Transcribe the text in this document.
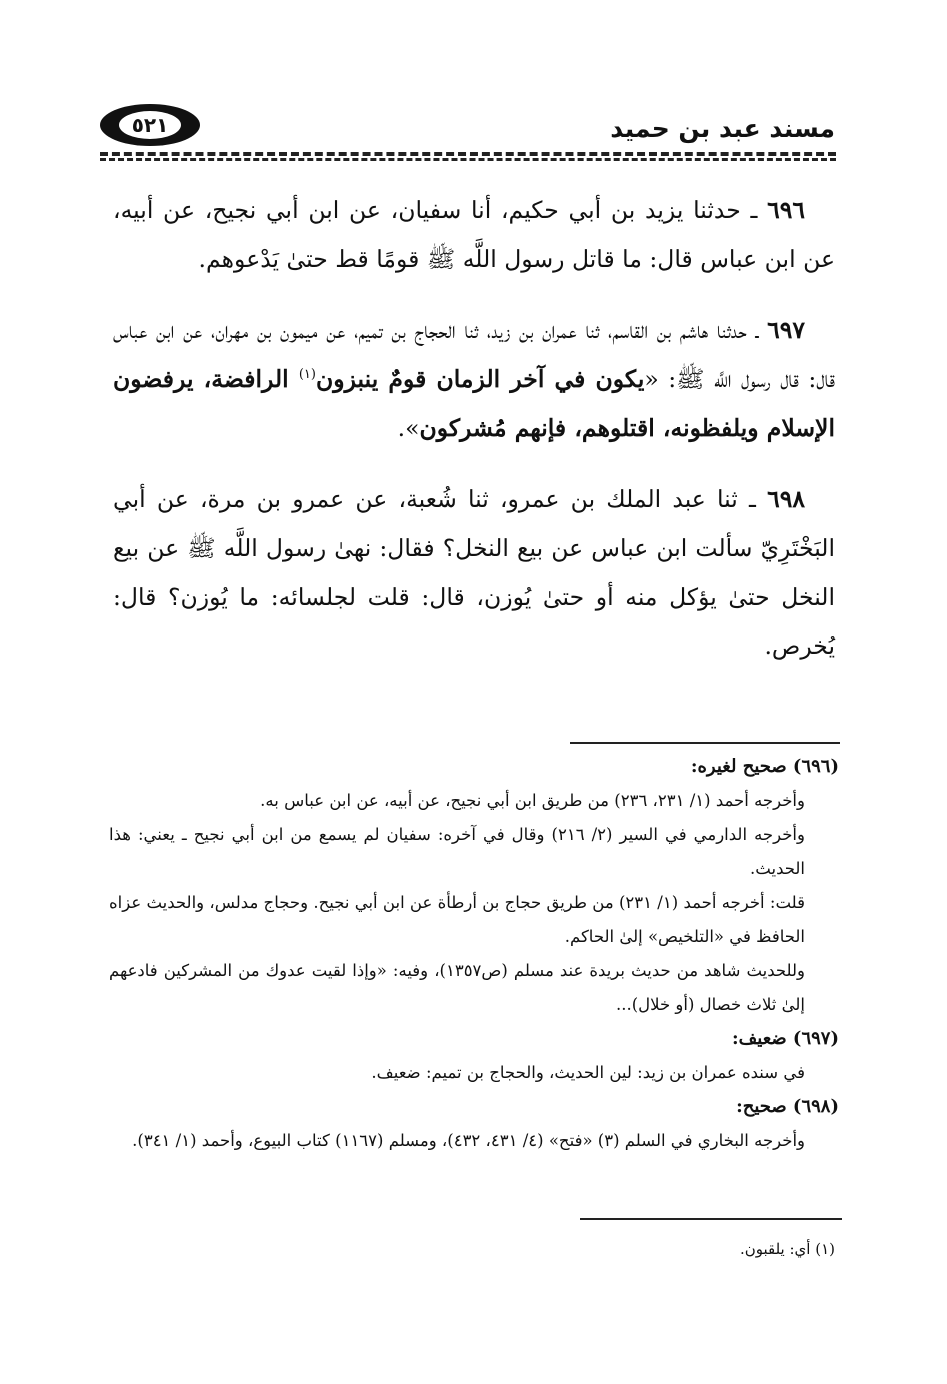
مسند عبد بن حميد
٥٢١

٦٩٦ ـ حدثنا يزيد بن أبي حكيم، أنا سفيان، عن ابن أبي نجيح، عن أبيه، عن ابن عباس قال: ما قاتل رسول اللَّه ﷺ قومًا قط حتىٰ يَدْعوهم.

٦٩٧ ـ حدثنا هاشم بن القاسم، ثنا عمران بن زيد، ثنا الحجاج بن تميم، عن ميمون بن مهران، عن ابن عباس قال: قال رسول اللَّه ﷺ: «يكون في آخر الزمان قومٌ ينبزون$^{(١)}$ الرافضة، يرفضون الإسلام ويلفظونه، اقتلوهم، فإنهم مُشركون».

٦٩٨ ـ ثنا عبد الملك بن عمرو، ثنا شُعبة، عن عمرو بن مرة، عن أبي البَخْتَرِيّ سألت ابن عباس عن بيع النخل؟ فقال: نهىٰ رسول اللَّه ﷺ عن بيع النخل حتىٰ يؤكل منه أو حتىٰ يُوزن، قال: قلت لجلسائه: ما يُوزن؟ قال: يُخرص.

(٦٩٦) صحيح لغيره:

وأخرجه أحمد (١/ ٢٣١، ٢٣٦) من طريق ابن أبي نجيح، عن أبيه، عن ابن عباس به.

وأخرجه الدارمي في السير (٢/ ٢١٦) وقال في آخره: سفيان لم يسمع من ابن أبي نجيح ـ يعني: هذا الحديث.

قلت: أخرجه أحمد (١/ ٢٣١) من طريق حجاج بن أرطأة عن ابن أبي نجيح. وحجاج مدلس، والحديث عزاه الحافظ في «التلخيص» إلىٰ الحاكم.

وللحديث شاهد من حديث بريدة عند مسلم (ص١٣٥٧)، وفيه: «وإذا لقيت عدوك من المشركين فادعهم إلىٰ ثلاث خصال (أو خلال)...

(٦٩٧) ضعيف:

في سنده عمران بن زيد: لين الحديث، والحجاج بن تميم: ضعيف.

(٦٩٨) صحيح:

وأخرجه البخاري في السلم (٣) «فتح» (٤/ ٤٣١، ٤٣٢)، ومسلم (١١٦٧) كتاب البيوع، وأحمد (١/ ٣٤١).

(١) أي: يلقبون.
